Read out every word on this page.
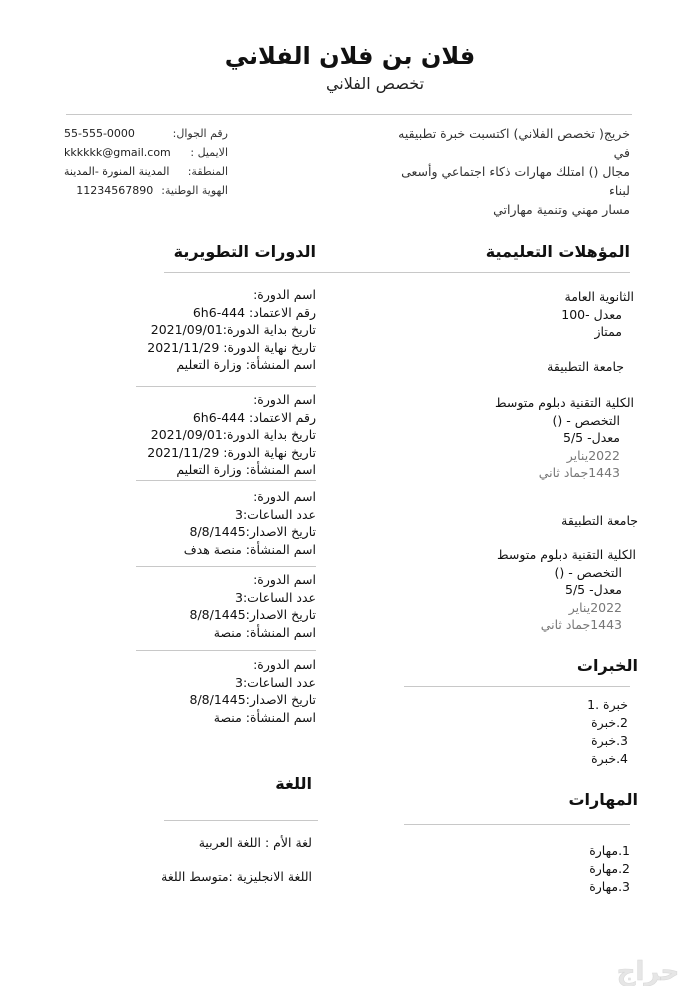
فلان بن فلان الفلاني
تخصص الفلاني
خريج( تخصص الفلاني) اكتسبت خبرة تطبيقيه في
مجال () امتلك مهارات ذكاء اجتماعي وأسعى لبناء
مسار مهني وتنمية مهاراتي
رقم الجوال:
55-555-0000
الايميل :
kkkkkk@gmail.com
المنطقة:
المدينة المنورة -المدينة
الهوية الوطنية:
11234567890
المؤهلات التعليمية
الثانوية العامة
معدل -100
ممتاز
جامعة التطبيقة
الكلية التقنية دبلوم متوسط
التخصص - ()
معدل- 5/5
2022يناير
1443جماد ثاني
جامعة التطبيقة
الكلية التقنية دبلوم متوسط
التخصص - ()
معدل- 5/5
2022يناير
1443جماد ثاني
الخبرات
خبرة .1
2.خبرة
3.خبرة
4.خبرة
المهارات
1.مهارة
2.مهارة
3.مهارة
الدورات التطويرية
اسم الدورة:
رقم الاعتماد: 444-6h6
تاريخ بداية الدورة:2021/09/01
تاريخ نهاية الدورة: 2021/11/29
اسم المنشأة: وزارة التعليم
اسم الدورة:
رقم الاعتماد: 444-6h6
تاريخ بداية الدورة:2021/09/01
تاريخ نهاية الدورة: 2021/11/29
اسم المنشأة: وزارة التعليم
اسم الدورة:
عدد الساعات:3
تاريخ الاصدار:8/8/1445
اسم المنشأة: منصة هدف
اسم الدورة:
عدد الساعات:3
تاريخ الاصدار:8/8/1445
اسم المنشأة: منصة
اسم الدورة:
عدد الساعات:3
تاريخ الاصدار:8/8/1445
اسم المنشأة: منصة
اللغة
لغة الأم : اللغة العربية
اللغة الانجليزية :متوسط اللغة
حراج
